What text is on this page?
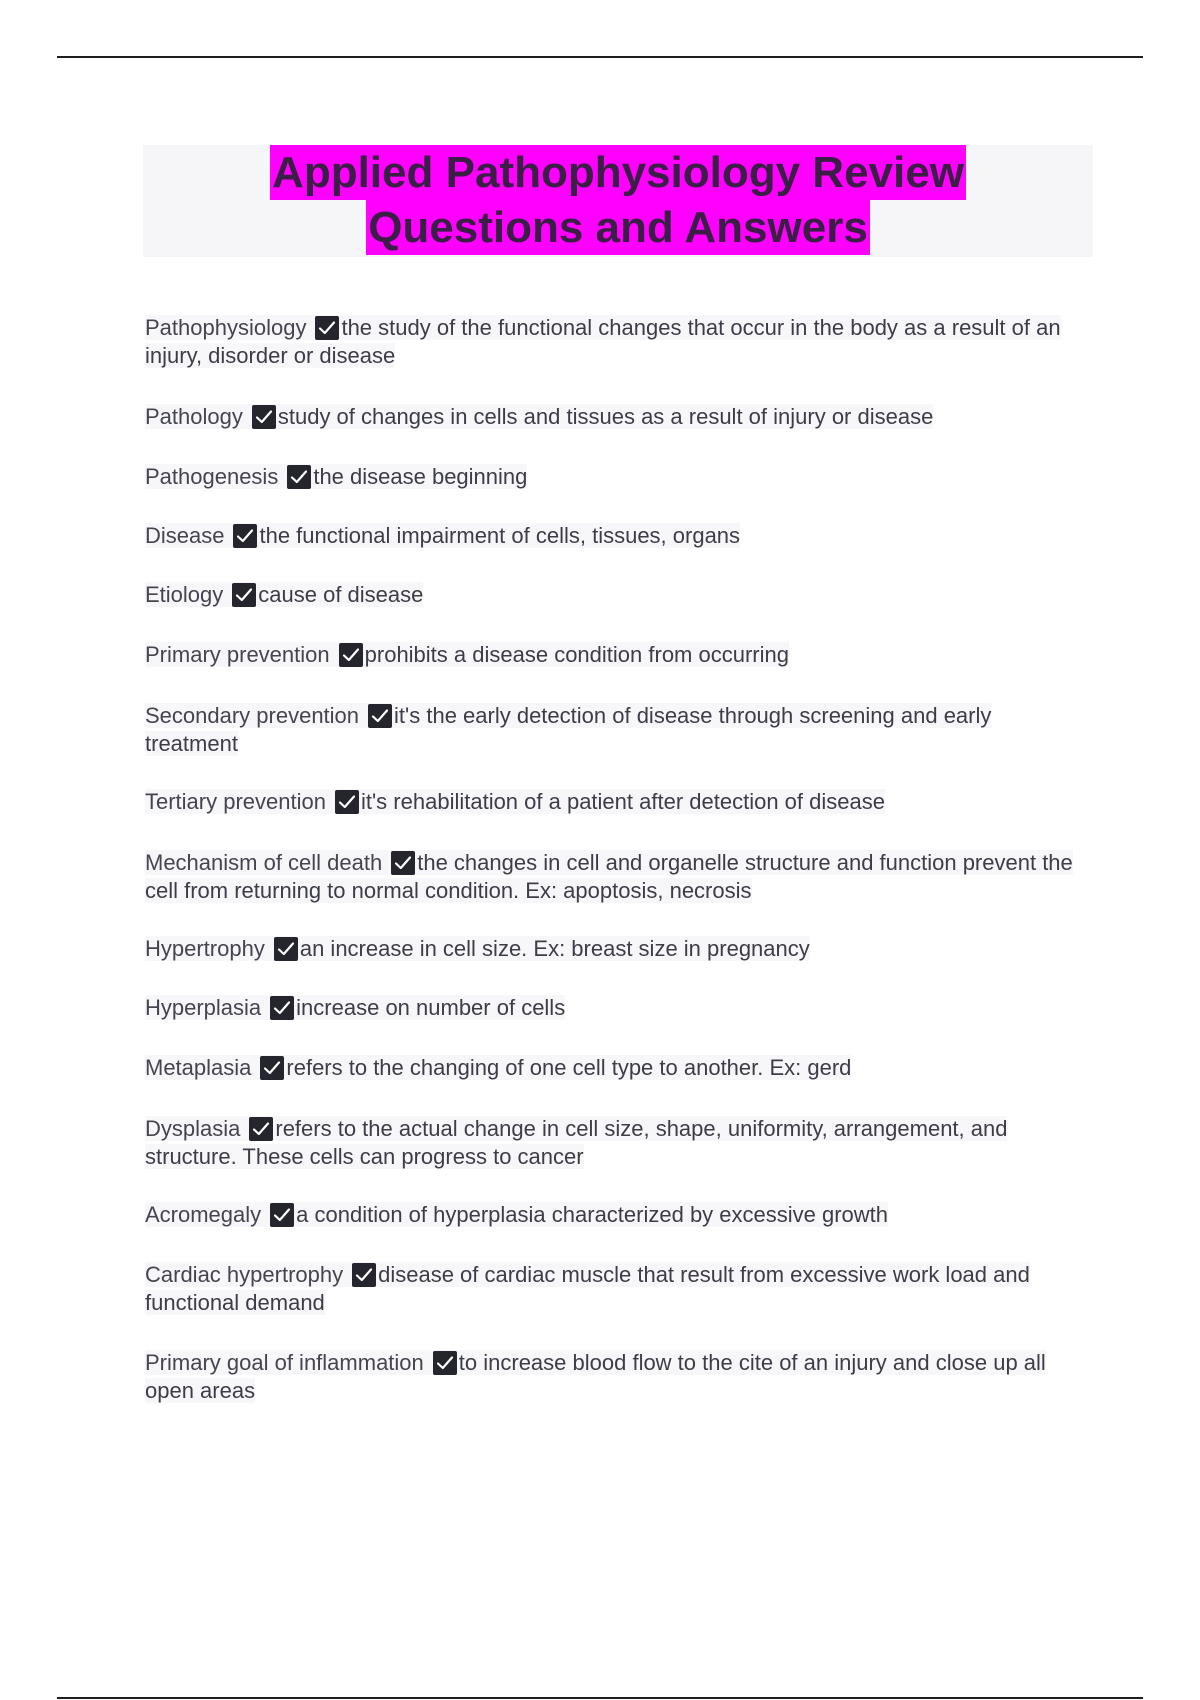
Applied Pathophysiology Review
Questions and Answers
Pathophysiology the study of the functional changes that occur in the body as a result of an injury, disorder or disease
Pathology study of changes in cells and tissues as a result of injury or disease
Pathogenesis the disease beginning
Disease the functional impairment of cells, tissues, organs
Etiology cause of disease
Primary prevention prohibits a disease condition from occurring
Secondary prevention it's the early detection of disease through screening and early treatment
Tertiary prevention it's rehabilitation of a patient after detection of disease
Mechanism of cell death the changes in cell and organelle structure and function prevent the cell from returning to normal condition. Ex: apoptosis, necrosis
Hypertrophy an increase in cell size. Ex: breast size in pregnancy
Hyperplasia increase on number of cells
Metaplasia refers to the changing of one cell type to another. Ex: gerd
Dysplasia refers to the actual change in cell size, shape, uniformity, arrangement, and structure. These cells can progress to cancer
Acromegaly a condition of hyperplasia characterized by excessive growth
Cardiac hypertrophy disease of cardiac muscle that result from excessive work load and functional demand
Primary goal of inflammation to increase blood flow to the cite of an injury and close up all open areas
